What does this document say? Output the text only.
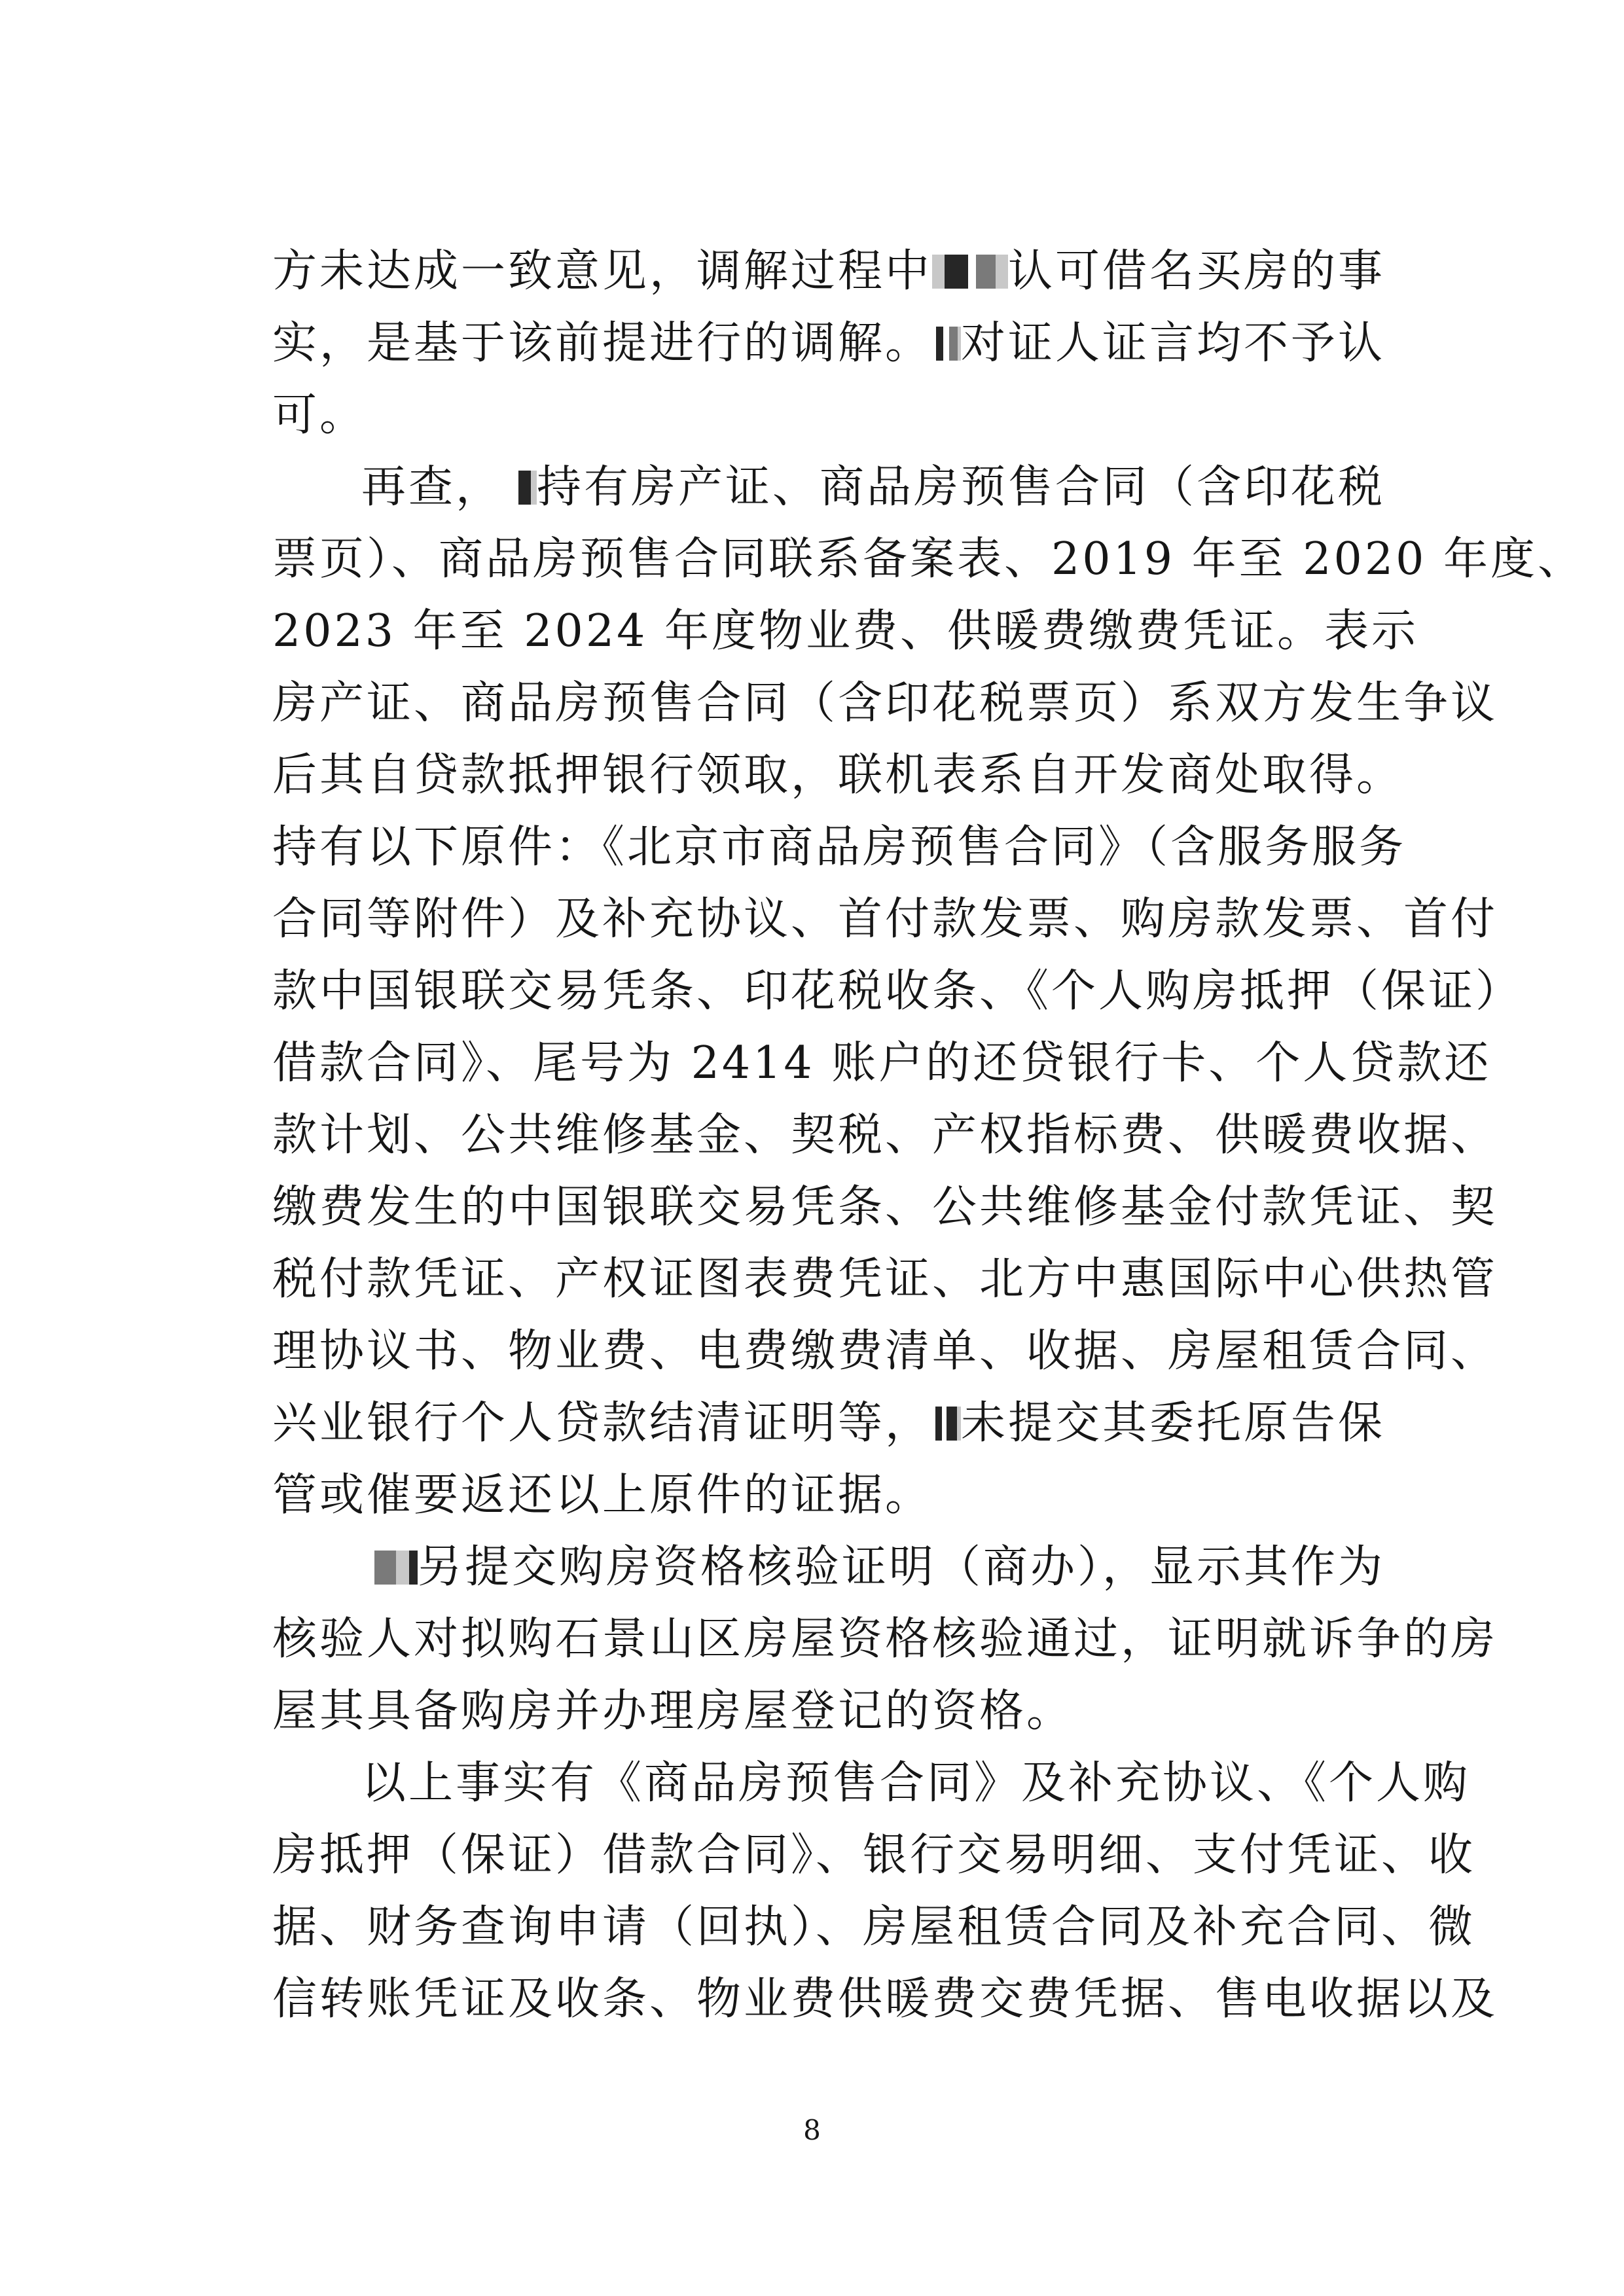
方未达成一致意见，调解过程中 认可借名买房的事
实，是基于该前提进行的调解。 对证人证言均不予认
可。
再查， 持有房产证、商品房预售合同（含印花税
票页）、商品房预售合同联系备案表、2019 年至 2020 年度、
2023 年至 2024 年度物业费、供暖费缴费凭证。 表示
房产证、商品房预售合同（含印花税票页）系双方发生争议
后其自贷款抵押银行领取，联机表系自开发商处取得。
持有以下原件：《北京市商品房预售合同》（含服务服务
合同等附件）及补充协议、首付款发票、购房款发票、首付
款中国银联交易凭条、印花税收条、《个人购房抵押（保证）
借款合同》、尾号为 2414 账户的还贷银行卡、个人贷款还
款计划、公共维修基金、契税、产权指标费、供暖费收据、
缴费发生的中国银联交易凭条、公共维修基金付款凭证、契
税付款凭证、产权证图表费凭证、北方中惠国际中心供热管
理协议书、物业费、电费缴费清单、收据、房屋租赁合同、
兴业银行个人贷款结清证明等， 未提交其委托原告保
管或催要返还以上原件的证据。
另提交购房资格核验证明（商办），显示其作为
核验人对拟购石景山区房屋资格核验通过，证明就诉争的房
屋其具备购房并办理房屋登记的资格。
以上事实有《商品房预售合同》及补充协议、《个人购
房抵押（保证）借款合同》、银行交易明细、支付凭证、收
据、财务查询申请（回执）、房屋租赁合同及补充合同、微
信转账凭证及收条、物业费供暖费交费凭据、售电收据以及
8
